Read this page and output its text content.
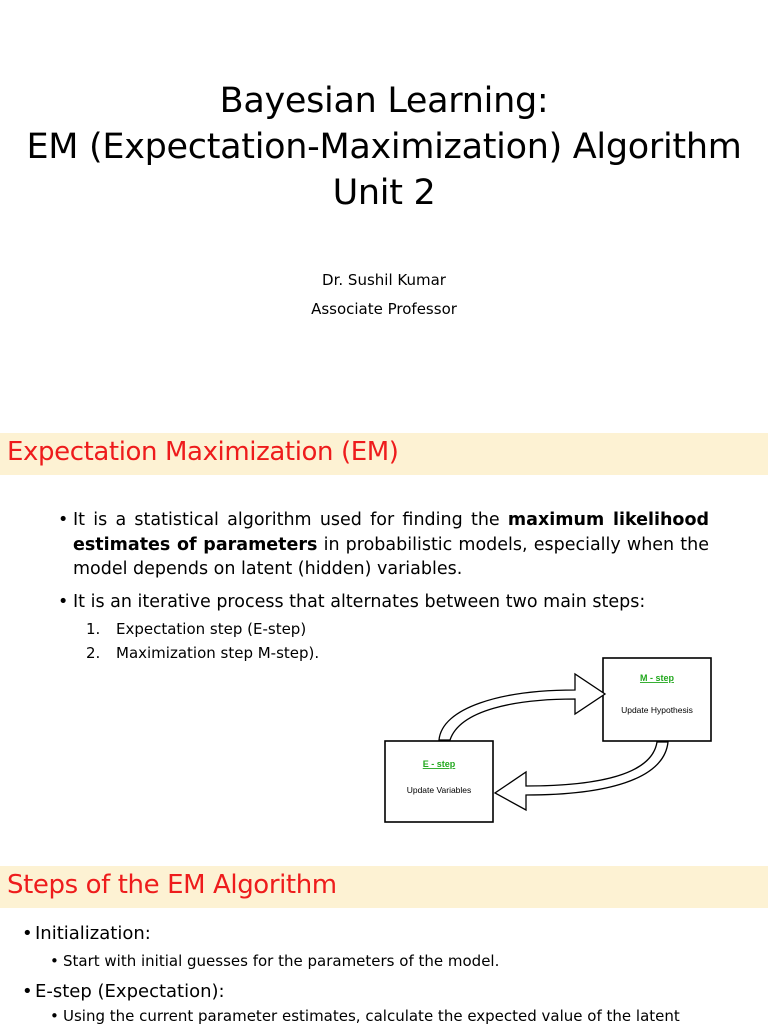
Bayesian Learning:
EM (Expectation-Maximization) Algorithm
Unit 2
Dr. Sushil Kumar
Associate Professor
Expectation Maximization (EM)
• It is a statistical algorithm used for finding the maximum likelihood estimates of parameters in probabilistic models, especially when the model depends on latent (hidden) variables.
• It is an iterative process that alternates between two main steps:
1. Expectation step (E-step)
2. Maximization step M-step).
M - step
Update Hypothesis
E - step
Update Variables
Steps of the EM Algorithm
• Initialization:
• Start with initial guesses for the parameters of the model.
• E-step (Expectation):
• Using the current parameter estimates, calculate the expected value of the latent
